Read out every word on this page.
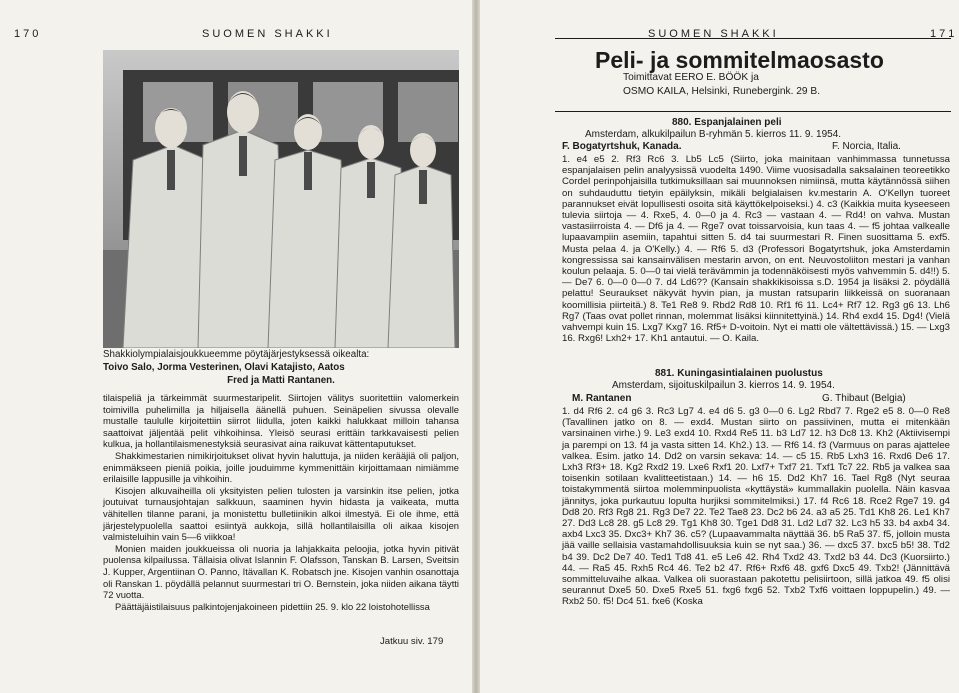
170	SUOMEN SHAKKI
Shakkiolympialaisjoukkueemme pöytäjärjestyksessä oikealta:
Toivo Salo, Jorma Vesterinen, Olavi Katajisto, Aatos
Fred ja Matti Rantanen.

tilaispeliä ja tärkeimmät suurmestaripelit. Siirtojen välitys suoritettiin valomerkein toimivilla puhelimilla ja hiljaisella äänellä puhuen. Seinäpelien sivussa olevalle mustalle taululle kirjoitettiin siirrot liidulla, joten kaikki halukkaat milloin tahansa saattoivat jäljentää pelit vihkoihinsa. Yleisö seurasi erittäin tarkkavaisesti pelien kulkua, ja hollantilaismenestyksiä seurasivat aina raikuvat kättentaputukset.

Shakkimestarien nimikirjoitukset olivat hyvin haluttuja, ja niiden kerääjiä oli paljon, enimmäkseen pieniä poikia, joille jouduimme kymmenittäin kirjoittamaan nimiämme erilaisille lappusille ja vihkoihin.

Kisojen alkuvaiheilla oli yksityisten pelien tulosten ja varsinkin itse pelien, jotka joutuivat turnausjohtajan salkkuun, saaminen hyvin hidasta ja vaikeata, mutta vähitellen tilanne parani, ja monistettu bulletiinikin alkoi ilmestyä. Ei ole ihme, että järjestelypuolella saattoi esiintyä aukkoja, sillä hollantilaisilla oli aikaa kisojen valmisteluihin vain 5—6 viikkoa!

Monien maiden joukkueissa oli nuoria ja lahjakkaita peloojia, jotka hyvin pitivät puolensa kilpailussa. Tällaisia olivat Islannin F. Olafsson, Tanskan B. Larsen, Sveitsin J. Kupper, Argentiinan O. Panno, Itävallan K. Robatsch jne. Kisojen vanhin osanottaja oli Ranskan 1. pöydällä pelannut suurmestari tri O. Bernstein, joka niiden aikana täytti 72 vuotta.

Päättäjäistilaisuus palkintojenjakoineen pidettiin 25. 9. klo 22 loistohotellissa

Jatkuu siv. 179
SUOMEN SHAKKI	171
Peli- ja sommitelmaosasto
Toimittavat EERO E. BÖÖK ja
OSMO KAILA, Helsinki, Runebergink. 29 B.
880. Espanjalainen peli
Amsterdam, alkukilpailun B-ryhmän 5. kierros 11. 9. 1954.
F. Bogatyrtshuk, Kanada.	F. Norcia, Italia.
1. e4 e5 2. Rf3 Rc6 3. Lb5 Lc5 (Siirto, joka mainitaan vanhimmassa tunnetussa espanjalaisen pelin analyysissä vuodelta 1490. Viime vuosisadalla saksalainen teoreetikko Cordel perinpohjaisilla tutkimuksillaan sai muunnoksen nimiinsä, mutta käytännössä siihen on suhdauduttu tietyin epäilyksin, mikäli belgialaisen kv.mestarin A. O'Kellyn tuoreet parannukset eivät lopullisesti osoita sitä käyttökelpoiseksi.) 4. c3 (Kaikkia muita kyseeseen tulevia siirtoja — 4. Rxe5, 4. 0—0 ja 4. Rc3 — vastaan 4. — Rd4! on vahva. Mustan vastasiirroista 4. — Df6 ja 4. — Rge7 ovat toissarvoisia, kun taas 4. — f5 johtaa valkealle lupaavampiin asemiin, tapahtui sitten 5. d4 tai suurmestari R. Finen suosittama 5. exf5. Musta pelaa 4. ja O'Kelly.) 4. — Rf6 5. d3 (Professori Bogatyrtshuk, joka Amsterdamin kongressissa sai kansainvälisen mestarin arvon, on ent. Neuvostoliiton mestari ja vanhan koulun pelaaja. 5. 0—0 tai vielä terävämmin ja todennäköisesti myös vahvemmin 5. d4!!) 5. — De7 6. 0—0 0—0 7. d4 Ld6?? (Kansain shakkikisoissa s.D. 1954 ja lisäksi 2. pöydällä pelattu! Seuraukset näkyvät hyvin pian, ja mustan ratsuparin liikkeissä on suoranaan koomillisia piirteitä.) 8. Te1 Re8 9. Rbd2 Rd8 10. Rf1 f6 11. Lc4+ Rf7 12. Rg3 g6 13. Lh6 Rg7 (Taas ovat pollet rinnan, molemmat lisäksi kiinnitettyinä.) 14. Rh4 exd4 15. Dg4! (Vielä vahvempi kuin 15. Lxg7 Kxg7 16. Rf5+ D-voitoin. Nyt ei matti ole vältettävissä.) 15. — Lxg3 16. Rxg6! Lxh2+ 17. Kh1 antautui. — O. Kaila.
881. Kuningasintialainen puolustus
Amsterdam, sijoituskilpailun 3. kierros 14. 9. 1954.
M. Rantanen	G. Thibaut (Belgia)
1. d4 Rf6 2. c4 g6 3. Rc3 Lg7 4. e4 d6 5. g3 0—0 6. Lg2 Rbd7 7. Rge2 e5 8. 0—0 Re8 (Tavallinen jatko on 8. — exd4. Mustan siirto on passiivinen, mutta ei mitenkään varsinainen virhe.) 9. Le3 exd4 10. Rxd4 Re5 11. b3 Ld7 12. h3 Dc8 13. Kh2 (Aktiivisempi ja parempi on 13. f4 ja vasta sitten 14. Kh2.) 13. — Rf6 14. f3 (Varmuus on paras ajattelee valkea. Esim. jatko 14. Dd2 on varsin sekava: 14. — c5 15. Rb5 Lxh3 16. Rxd6 De6 17. Lxh3 Rf3+ 18. Kg2 Rxd2 19. Lxe6 Rxf1 20. Lxf7+ Txf7 21. Txf1 Tc7 22. Rb5 ja valkea saa toisenkin sotilaan kvalitteetistaan.) 14. — h6 15. Dd2 Kh7 16. Tael Rg8 (Nyt seuraa toistakymmentä siirtoa molemminpuolista «kyttäystä» kummallakin puolella. Näin kasvaa jännitys, joka purkautuu lopulta hurjiksi sommitelmiksi.) 17. f4 Rc6 18. Rce2 Rge7 19. g4 Dd8 20. Rf3 Rg8 21. Rg3 De7 22. Te2 Tae8 23. Dc2 b6 24. a3 a5 25. Td1 Kh8 26. Le1 Kh7 27. Dd3 Lc8 28. g5 Lc8 29. Tg1 Kh8 30. Tge1 Dd8 31. Ld2 Ld7 32. Lc3 h5 33. b4 axb4 34. axb4 Lxc3 35. Dxc3+ Kh7 36. c5? (Lupaavammalta näyttää 36. b5 Ra5 37. f5, jolloin musta jää vaille sellaisia vastamahdollisuuksia kuin se nyt saa.) 36. — dxc5 37. bxc5 b5! 38. Td2 b4 39. Dc2 De7 40. Ted1 Td8 41. e5 Le6 42. Rh4 Txd2 43. Txd2 b3 44. Dc3 (Kuorsiirto.) 44. — Ra5 45. Rxh5 Rc4 46. Te2 b2 47. Rf6+ Rxf6 48. gxf6 Dxc5 49. Txb2! (Jännittävä sommitteluvaihe alkaa. Valkea oli suorastaan pakotettu pelisiirtoon, sillä jatkoa 49. f5 olisi seurannut Dxe5 50. Dxe5 Rxe5 51. fxg6 fxg6 52. Txb2 Txf6 voittaen loppupelin.) 49. — Rxb2 50. f5! Dc4 51. fxe6 (Koska
